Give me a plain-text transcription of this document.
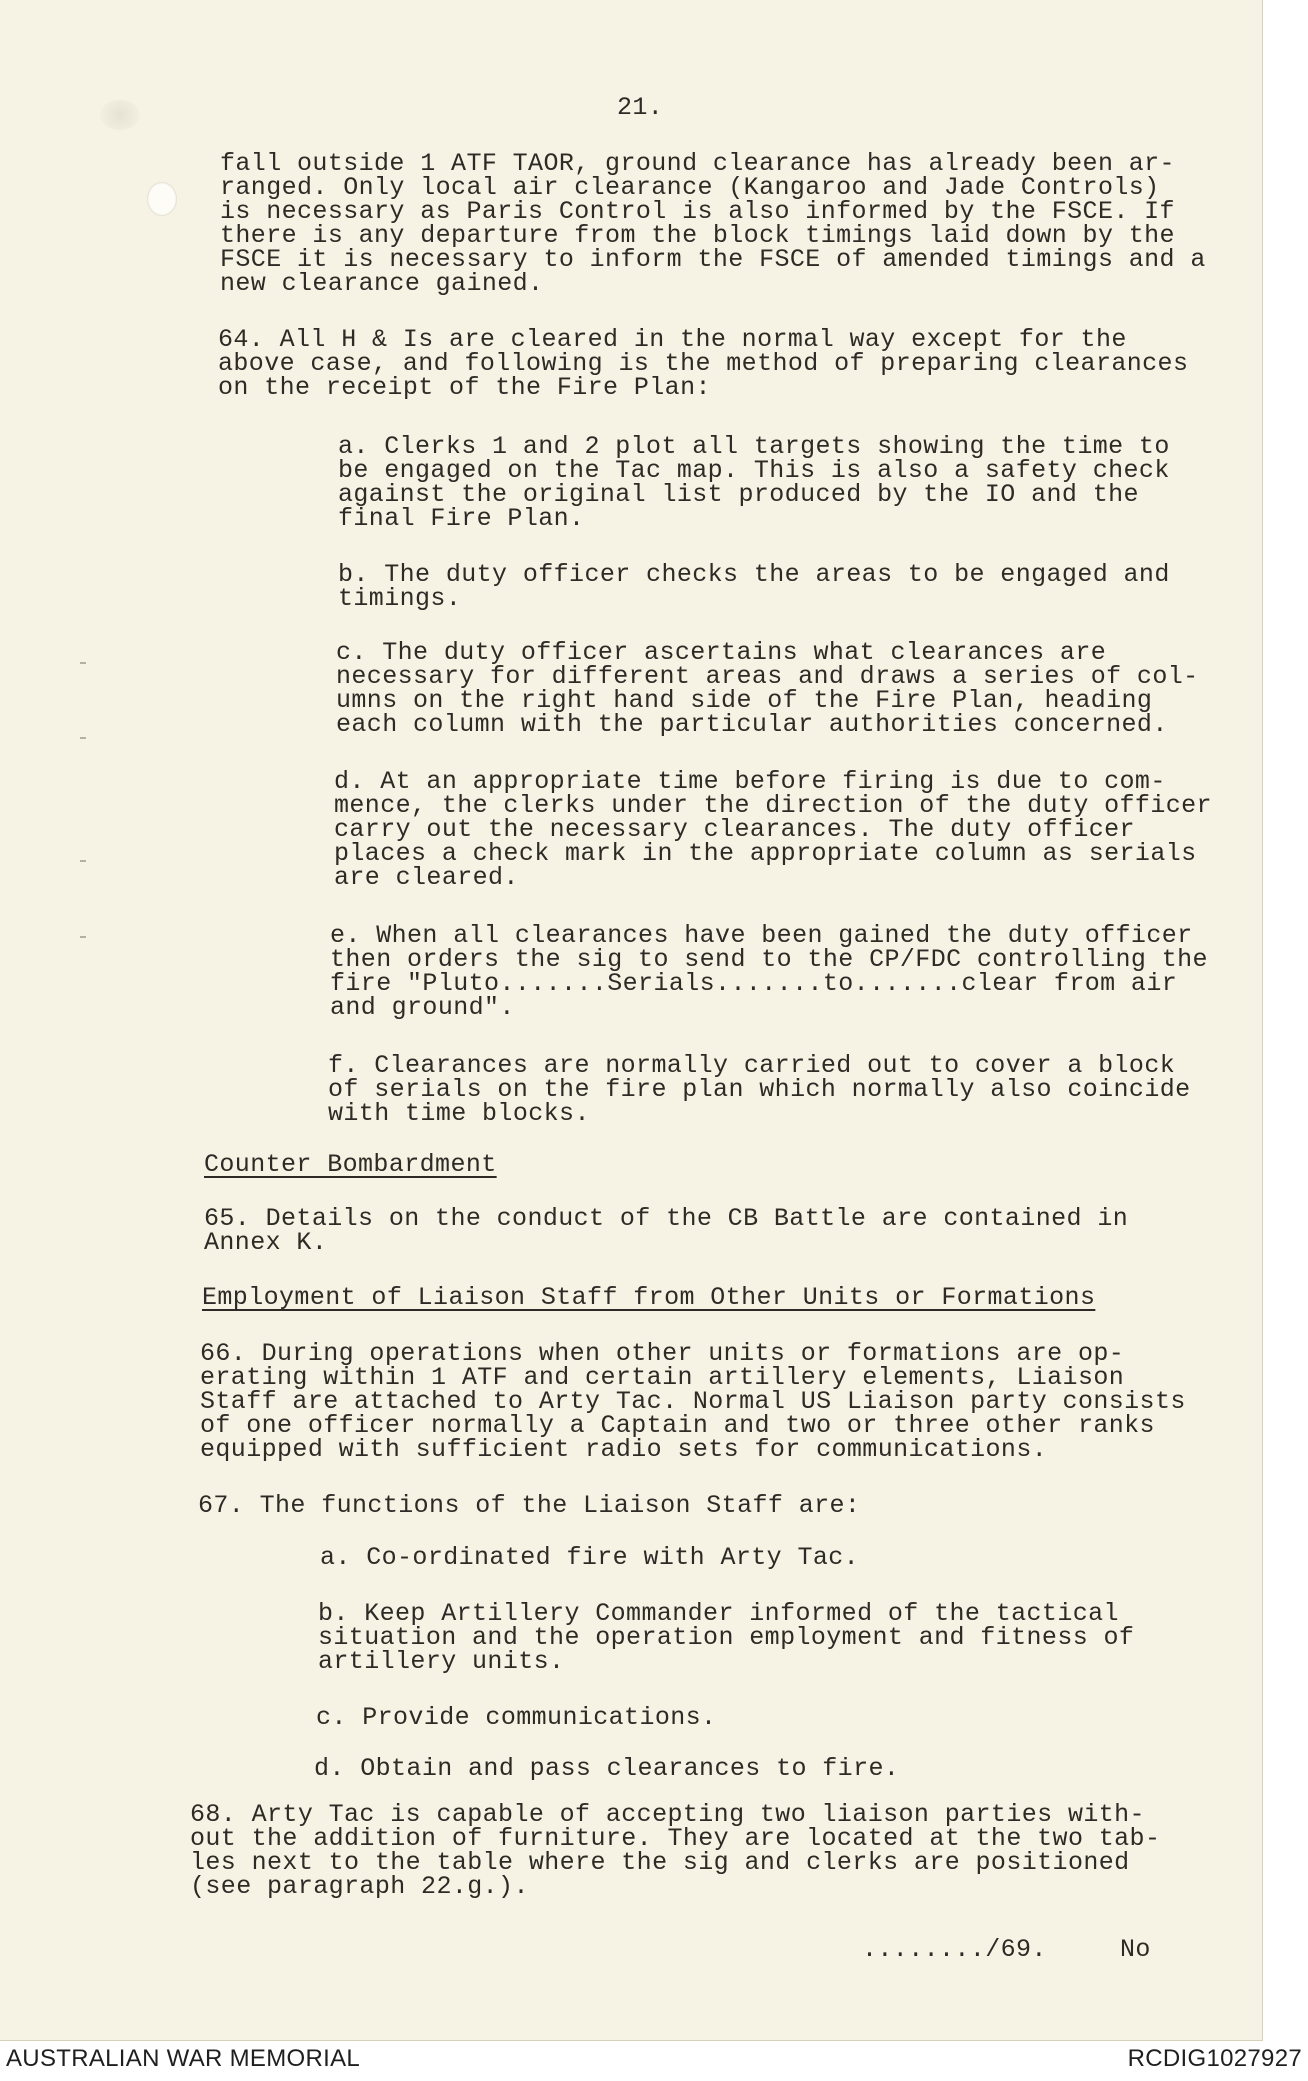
21.
fall outside 1 ATF TAOR, ground clearance has already been ar-
ranged. Only local air clearance (Kangaroo and Jade Controls)
is necessary as Paris Control is also informed by the FSCE. If
there is any departure from the block timings laid down by the
FSCE it is necessary to inform the FSCE of amended timings and a
new clearance gained.
64. All H & Is are cleared in the normal way except for the
above case, and following is the method of preparing clearances
on the receipt of the Fire Plan:
a. Clerks 1 and 2 plot all targets showing the time to
be engaged on the Tac map. This is also a safety check
against the original list produced by the IO and the
final Fire Plan.
b. The duty officer checks the areas to be engaged and
timings.
c. The duty officer ascertains what clearances are
necessary for different areas and draws a series of col-
umns on the right hand side of the Fire Plan, heading
each column with the particular authorities concerned.
d. At an appropriate time before firing is due to com-
mence, the clerks under the direction of the duty officer
carry out the necessary clearances. The duty officer
places a check mark in the appropriate column as serials
are cleared.
e. When all clearances have been gained the duty officer
then orders the sig to send to the CP/FDC controlling the
fire "Pluto.......Serials.......to.......clear from air
and ground".
f. Clearances are normally carried out to cover a block
of serials on the fire plan which normally also coincide
with time blocks.
Counter Bombardment
65. Details on the conduct of the CB Battle are contained in
Annex K.
Employment of Liaison Staff from Other Units or Formations
66. During operations when other units or formations are op-
erating within 1 ATF and certain artillery elements, Liaison
Staff are attached to Arty Tac. Normal US Liaison party consists
of one officer normally a Captain and two or three other ranks
equipped with sufficient radio sets for communications.
67. The functions of the Liaison Staff are:
a. Co-ordinated fire with Arty Tac.
b. Keep Artillery Commander informed of the tactical
situation and the operation employment and fitness of
artillery units.
c. Provide communications.
d. Obtain and pass clearances to fire.
68. Arty Tac is capable of accepting two liaison parties with-
out the addition of furniture. They are located at the two tab-
les next to the table where the sig and clerks are positioned
(see paragraph 22.g.).
......../69.	No
AUSTRALIAN WAR MEMORIAL	RCDIG1027927
